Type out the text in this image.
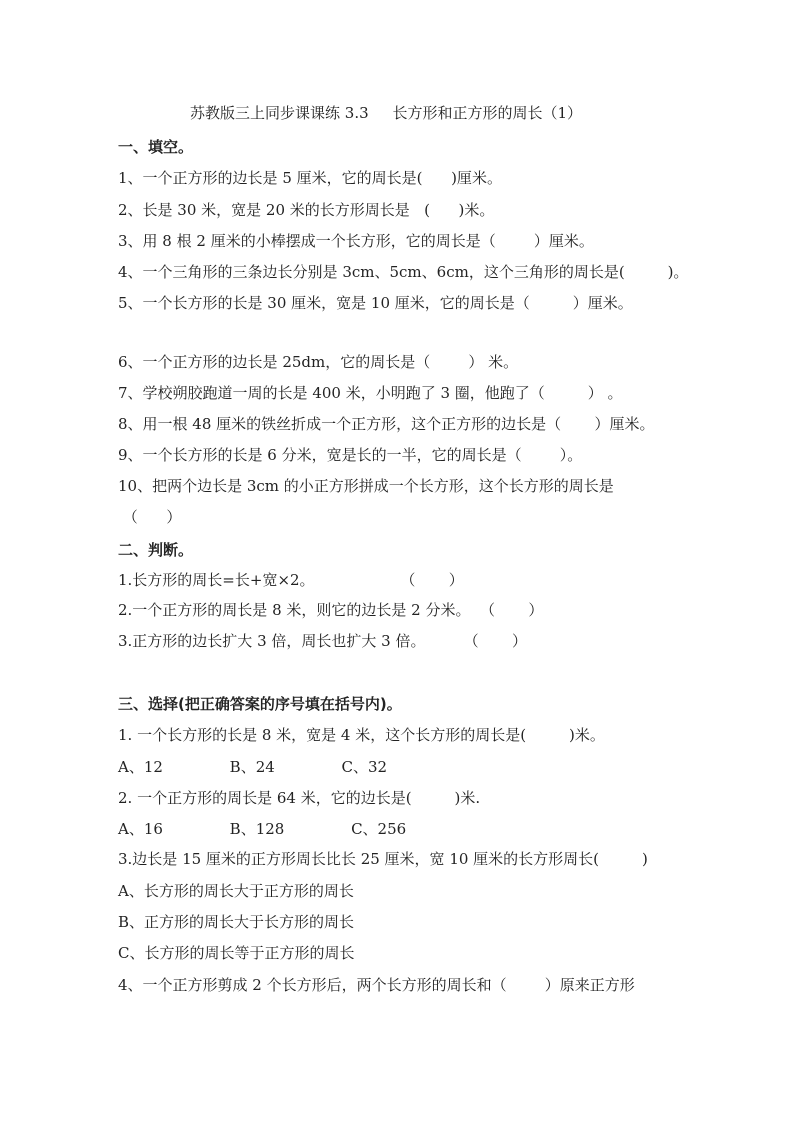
苏教版三上同步课课练 3.3     长方形和正方形的周长（1）
一、填空。
1、一个正方形的边长是 5 厘米，它的周长是(      )厘米。
2、长是 30 米，宽是 20 米的长方形周长是   (      )米。
3、用 8 根 2 厘米的小棒摆成一个长方形，它的周长是（        ）厘米。
4、一个三角形的三条边长分别是 3cm、5cm、6cm，这个三角形的周长是(         )。
5、一个长方形的长是 30 厘米，宽是 10 厘米，它的周长是（         ）厘米。
6、一个正方形的边长是 25dm，它的周长是（        ） 米。
7、学校朔胶跑道一周的长是 400 米，小明跑了 3 圈，他跑了（         ） 。
8、用一根 48 厘米的铁丝折成一个正方形，这个正方形的边长是（       ）厘米。
9、一个长方形的长是 6 分米，宽是长的一半，它的周长是（        ）。
10、把两个边长是 3cm 的小正方形拼成一个长方形，这个长方形的周长是
（      ）
二、判断。
1.长方形的周长=长+宽×2。                  （       ）
2.一个正方形的周长是 8 米，则它的边长是 2 分米。  （       ）
3.正方形的边长扩大 3 倍，周长也扩大 3 倍。        （       ）
三、选择(把正确答案的序号填在括号内)。
1. 一个长方形的长是 8 米，宽是 4 米，这个长方形的周长是(         )米。
A、12              B、24              C、32
2. 一个正方形的周长是 64 米，它的边长是(         )米.
A、16              B、128              C、256
3.边长是 15 厘米的正方形周长比长 25 厘米，宽 10 厘米的长方形周长(         )
A、长方形的周长大于正方形的周长
B、正方形的周长大于长方形的周长
C、长方形的周长等于正方形的周长
4、一个正方形剪成 2 个长方形后，两个长方形的周长和（        ）原来正方形
